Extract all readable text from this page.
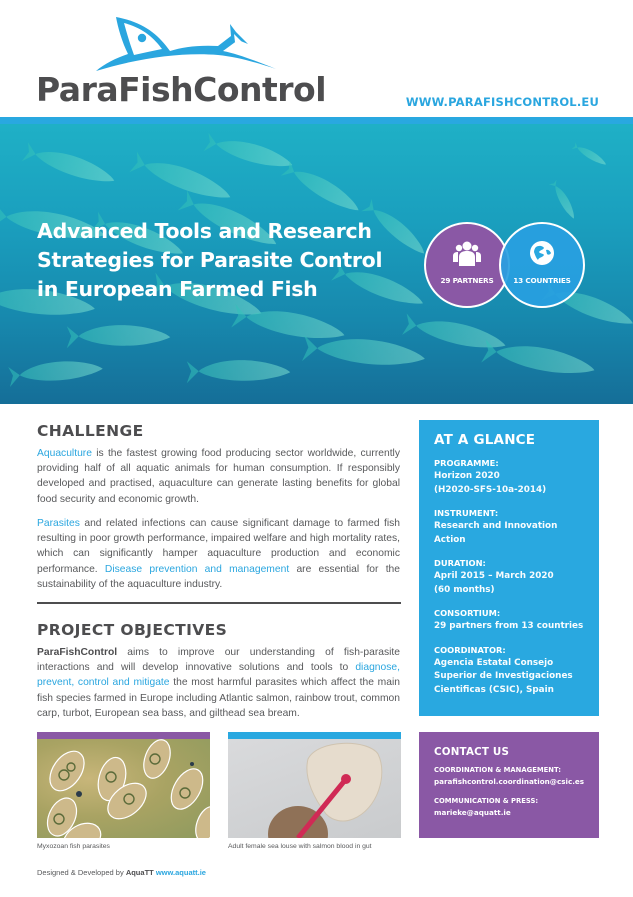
ParaFishControl	WWW.PARAFISHCONTROL.EU
Advanced Tools and Research
Strategies for Parasite Control
in European Farmed Fish	29 PARTNERS	13 COUNTRIES
CHALLENGE

Aquaculture is the fastest growing food producing sector worldwide, currently providing half of all aquatic animals for human consumption. If responsibly developed and practised, aquaculture can generate lasting benefits for global food security and economic growth.

Parasites and related infections can cause significant damage to farmed fish resulting in poor growth performance, impaired welfare and high mortality rates, which can significantly hamper aquaculture production and economic performance. Disease prevention and management are essential for the sustainability of the aquaculture industry.

PROJECT OBJECTIVES

ParaFishControl aims to improve our understanding of fish-parasite interactions and will develop innovative solutions and tools to diagnose, prevent, control and mitigate the most harmful parasites which affect the main fish species farmed in Europe including Atlantic salmon, rainbow trout, common carp, turbot, European sea bass, and gilthead sea bream.

AT A GLANCE
PROGRAMME:
Horizon 2020
(H2020-SFS-10a-2014)
INSTRUMENT:
Research and Innovation
Action
DURATION:
April 2015 – March 2020
(60 months)
CONSORTIUM:
29 partners from 13 countries
COORDINATOR:
Agencia Estatal Consejo
Superior de Investigaciones
Cientificas (CSIC), Spain
Myxozoan fish parasites	Adult female sea louse with salmon blood in gut
CONTACT US
COORDINATION & MANAGEMENT:
parafishcontrol.coordination@csic.es
COMMUNICATION & PRESS:
marieke@aquatt.ie
Designed & Developed by AquaTT www.aquatt.ie
